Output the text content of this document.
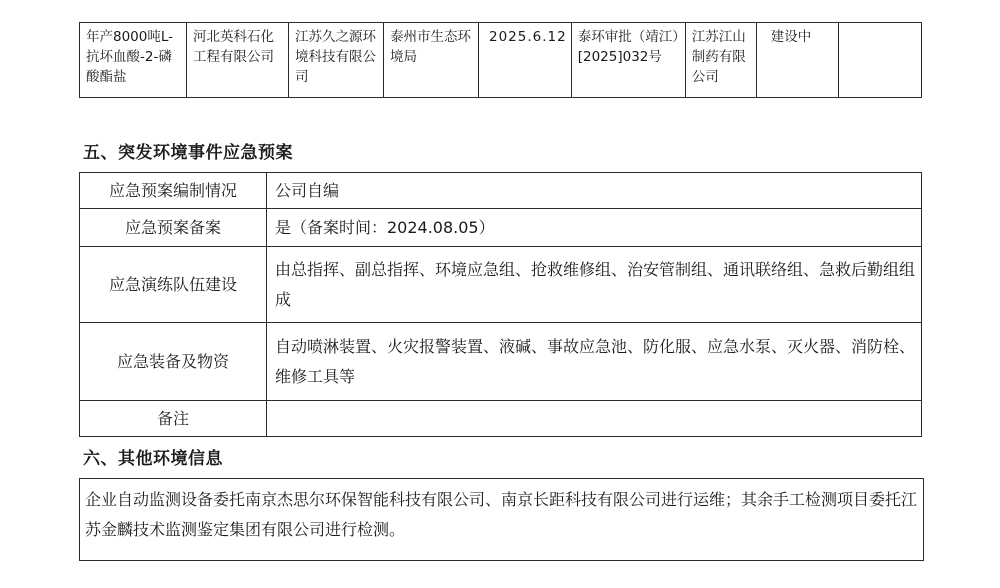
年产8000吨L-抗坏血酸-2-磷酸酯盐	河北英科石化工程有限公司	江苏久之源环境科技有限公司	泰州市生态环境局	2025.6.12	泰环审批（靖江）[2025]032号	江苏江山制药有限公司	建设中	
五、突发环境事件应急预案
应急预案编制情况	公司自编
应急预案备案	是（备案时间：2024.08.05）
应急演练队伍建设	由总指挥、副总指挥、环境应急组、抢救维修组、治安管制组、通讯联络组、急救后勤组组成
应急装备及物资	自动喷淋装置、火灾报警装置、液碱、事故应急池、防化服、应急水泵、灭火器、消防栓、维修工具等
备注	
六、其他环境信息
企业自动监测设备委托南京杰思尔环保智能科技有限公司、南京长距科技有限公司进行运维；其余手工检测项目委托江苏金麟技术监测鉴定集团有限公司进行检测。
